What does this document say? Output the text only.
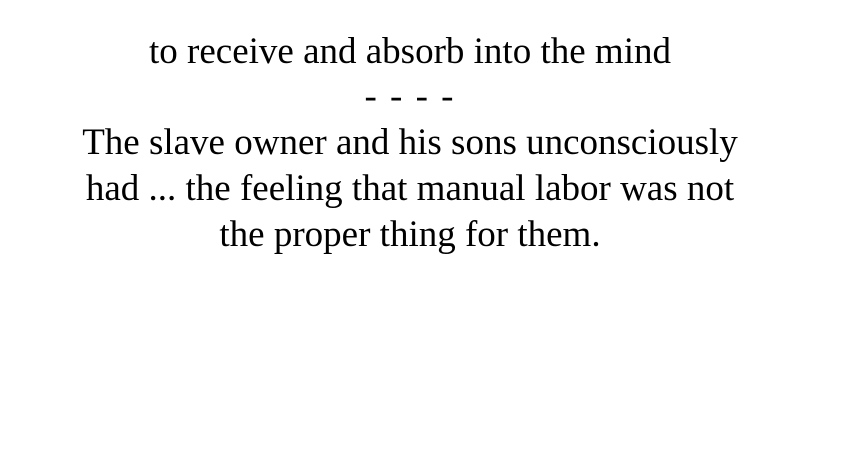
to receive and absorb into the mind

- - - -

The slave owner and his sons unconsciously
had ... the feeling that manual labor was not
the proper thing for them.
